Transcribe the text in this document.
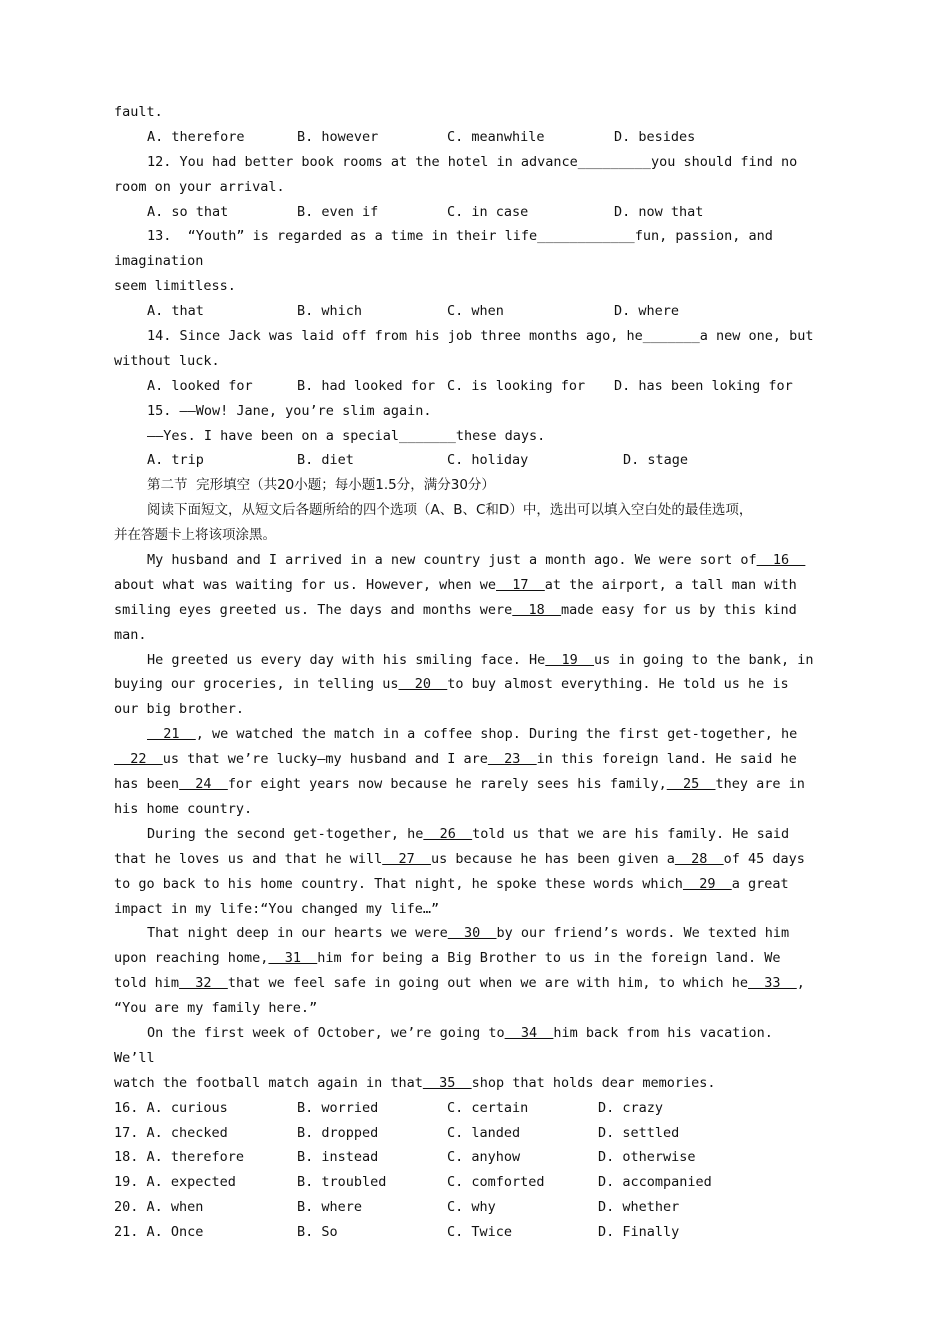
fault.
A. therefore	B. however	C. meanwhile	D. besides
12. You had better book rooms at the hotel in advance_________you should find no
room on your arrival.
A. so that	B. even if	C. in case	D. now that
13.  “Youth” is regarded as a time in their life____________fun, passion, and
imagination
seem limitless.
A. that	B. which	C. when	D. where
14. Since Jack was laid off from his job three months ago, he_______a new one, but
without luck.
A. looked for	B. had looked for C. is looking for	D. has been loking for
15. ——Wow! Jane, you’re slim again.
——Yes. I have been on a special_______these days.
A. trip	B. diet	C. holiday	D. stage
第二节  完形填空（共20小题；每小题1.5分，满分30分）
阅读下面短文，从短文后各题所给的四个选项（A、B、C和D）中，选出可以填入空白处的最佳选项，
并在答题卡上将该项涂黑。
My husband and I arrived in a new country just a month ago. We were sort of  16
about what was waiting for us. However, when we  17  at the airport, a tall man with
smiling eyes greeted us. The days and months were  18  made easy for us by this kind
man.
He greeted us every day with his smiling face. He  19  us in going to the bank, in
buying our groceries, in telling us  20  to buy almost everything. He told us he is
our big brother.
21  , we watched the match in a coffee shop. During the first get-together, he
22  us that we’re lucky—my husband and I are  23  in this foreign land. He said he
has been  24  for eight years now because he rarely sees his family,  25  they are in
his home country.
During the second get-together, he  26  told us that we are his family. He said
that he loves us and that he will  27  us because he has been given a  28  of 45 days
to go back to his home country. That night, he spoke these words which  29  a great
impact in my life:“You changed my life…”
That night deep in our hearts we were  30  by our friend’s words. We texted him
upon reaching home,  31  him for being a Big Brother to us in the foreign land. We
told him  32  that we feel safe in going out when we are with him, to which he  33  ,
“You are my family here.”
On the first week of October, we’re going to  34  him back from his vacation.
We’ll
watch the football match again in that  35  shop that holds dear memories.
16. A. curious	B. worried	C. certain	D. crazy
17. A. checked	B. dropped	C. landed	D. settled
18. A. therefore	B. instead	C. anyhow	D. otherwise
19. A. expected	B. troubled	C. comforted	D. accompanied
20. A. when	B. where	C. why	D. whether
21. A. Once	B. So	C. Twice	D. Finally
